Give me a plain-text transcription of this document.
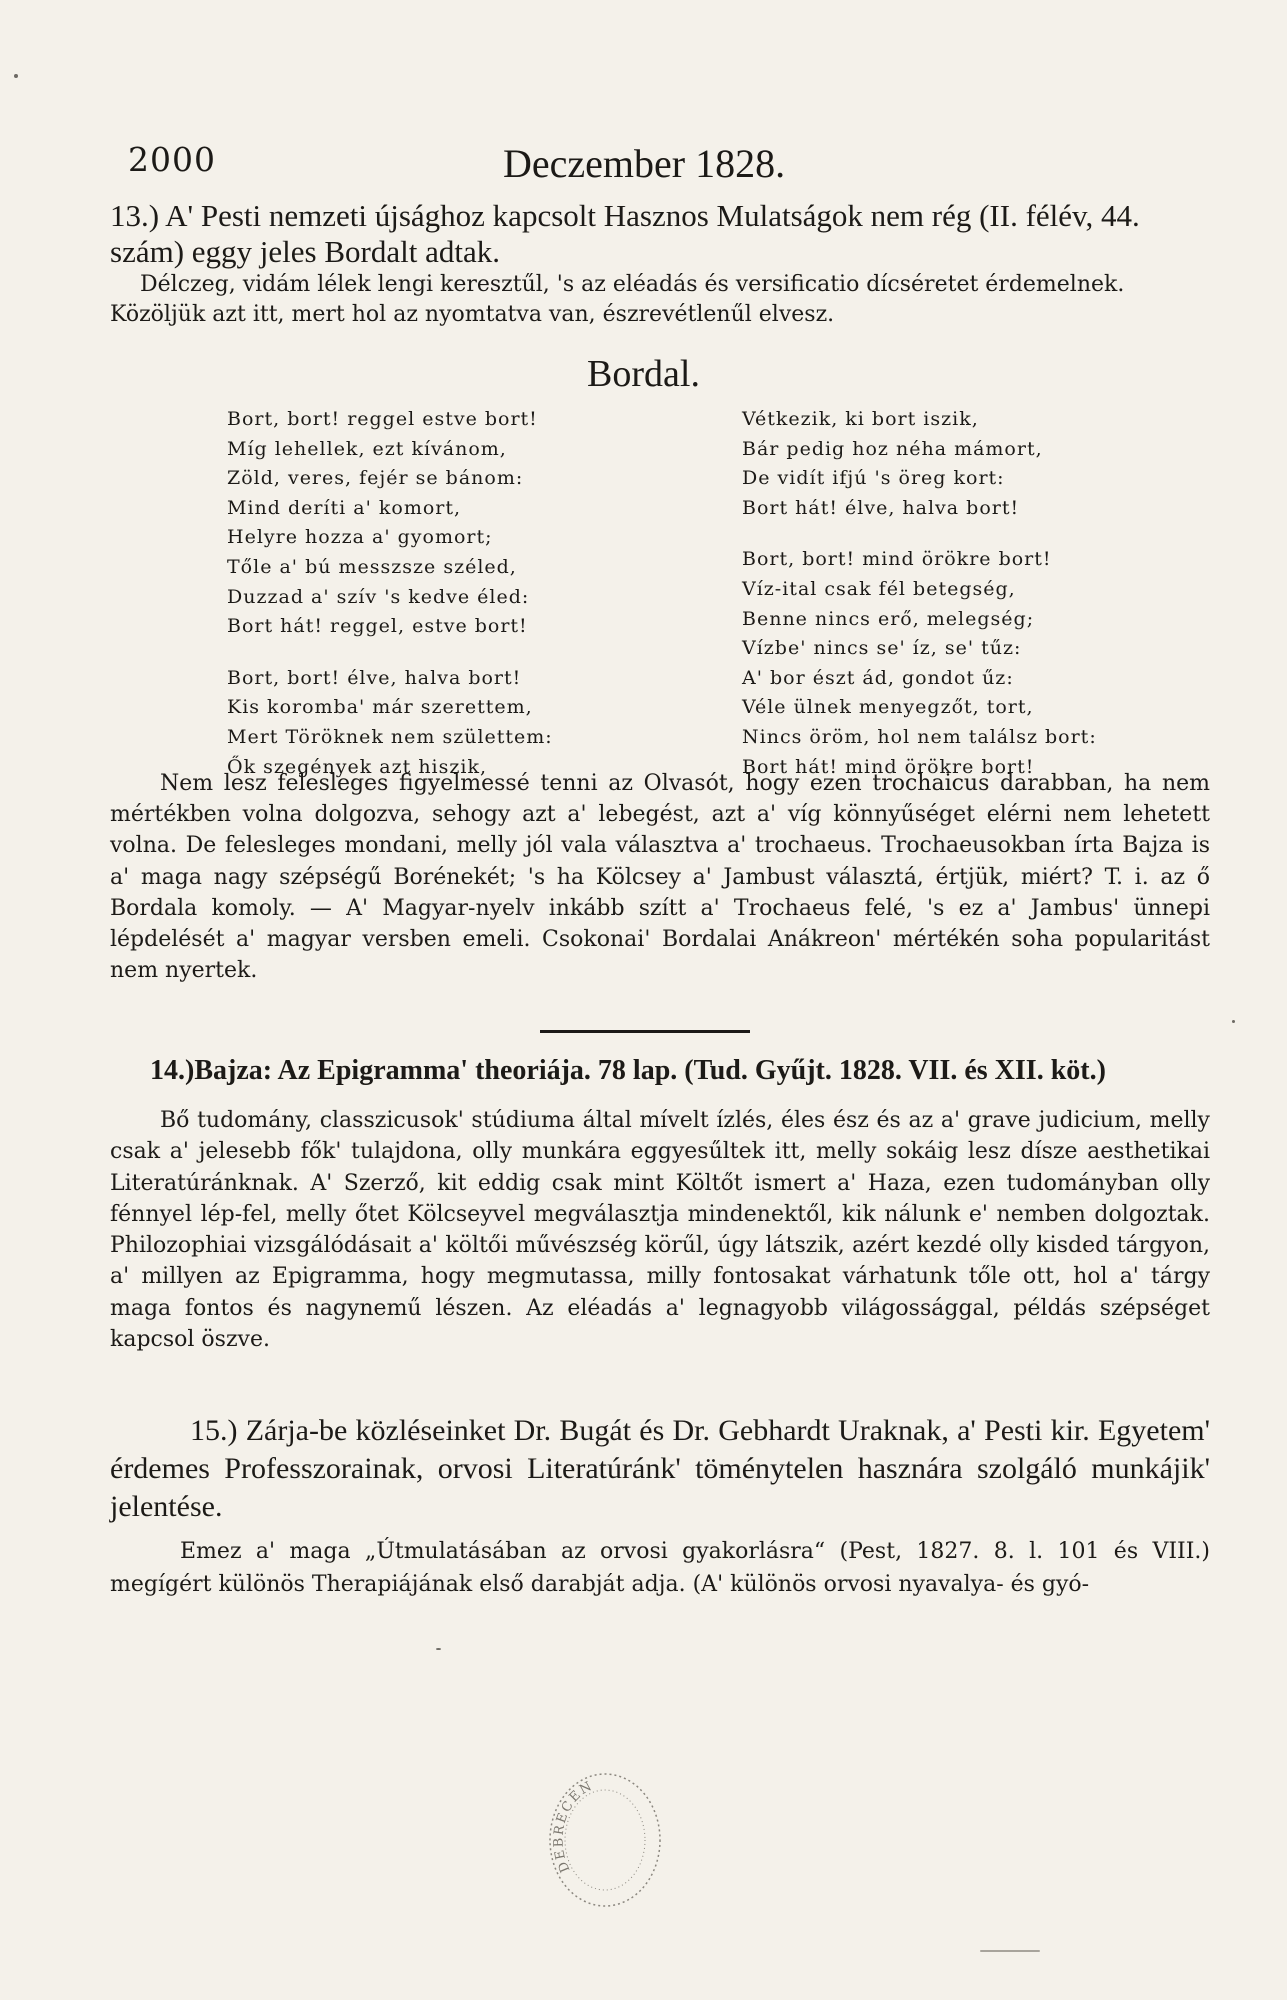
2000	Deczember 1828.
13.) A' Pesti nemzeti újsághoz kapcsolt Hasznos Mulatságok nem rég (II. félév, 44. szám) eggy jeles Bordalt adtak.
Délczeg, vidám lélek lengi keresztűl, 's az eléadás és versificatio dícséretet érdemelnek. Közöljük azt itt, mert hol az nyomtatva van, észrevétlenűl elvesz.
Bordal.
Bort, bort! reggel estve bort!
Míg lehellek, ezt kívánom,
Zöld, veres, fejér se bánom:
Mind deríti a' komort,
Helyre hozza a' gyomort;
Tőle a' bú messzsze széled,
Duzzad a' szív 's kedve éled:
Bort hát! reggel, estve bort!
Bort, bort! élve, halva bort!
Kis koromba' már szerettem,
Mert Töröknek nem születtem:
Ők szegények azt hiszik,
Vétkezik, ki bort iszik,
Bár pedig hoz néha mámort,
De vidít ifjú 's öreg kort:
Bort hát! élve, halva bort!
Bort, bort! mind örökre bort!
Víz-ital csak fél betegség,
Benne nincs erő, melegség;
Vízbe' nincs se' íz, se' tűz:
A' bor észt ád, gondot űz:
Véle ülnek menyegzőt, tort,
Nincs öröm, hol nem találsz bort:
Bort hát! mind örökre bort!
Nem lesz felesleges figyelmessé tenni az Olvasót, hogy ezen trochaicus darabban, ha nem mértékben volna dolgozva, sehogy azt a' lebegést, azt a' víg könnyűséget elérni nem lehetett volna. De felesleges mondani, melly jól vala választva a' trochaeus. Trochaeusokban írta Bajza is a' maga nagy szépségű Borénekét; 's ha Kölcsey a' Jambust választá, értjük, miért? T. i. az ő Bordala komoly. — A' Magyar-nyelv inkább szítt a' Trochaeus felé, 's ez a' Jambus' ünnepi lépdelését a' magyar versben emeli. Csokonai' Bordalai Anákreon' mértékén soha popularitást nem nyertek.
14.)Bajza: Az Epigramma' theoriája. 78 lap. (Tud. Gyűjt. 1828. VII. és XII. köt.)
Bő tudomány, classzicusok' stúdiuma által mívelt ízlés, éles ész és az a' grave judicium, melly csak a' jelesebb fők' tulajdona, olly munkára eggyesűltek itt, melly sokáig lesz dísze aesthetikai Literatúránknak. A' Szerző, kit eddig csak mint Költőt ismert a' Haza, ezen tudományban olly fénnyel lép-fel, melly őtet Kölcseyvel megválasztja mindenektől, kik nálunk e' nemben dolgoztak. Philozophiai vizsgálódásait a' költői művészség körűl, úgy látszik, azért kezdé olly kisded tárgyon, a' millyen az Epigramma, hogy megmutassa, milly fontosakat várhatunk tőle ott, hol a' tárgy maga fontos és nagynemű lészen. Az eléadás a' legnagyobb világossággal, példás szépséget kapcsol öszve.
15.) Zárja-be közléseinket Dr. Bugát és Dr. Gebhardt Uraknak, a' Pesti kir. Egyetem' érdemes Professzorainak, orvosi Literatúránk' töménytelen hasznára szolgáló munkájik' jelentése.
Emez a' maga „Útmulatásában az orvosi gyakorlásra“ (Pest, 1827. 8. l. 101 és VIII.) megígért különös Therapiájának első darabját adja. (A' különös orvosi nyavalya- és gyó-
DEBRECEN
